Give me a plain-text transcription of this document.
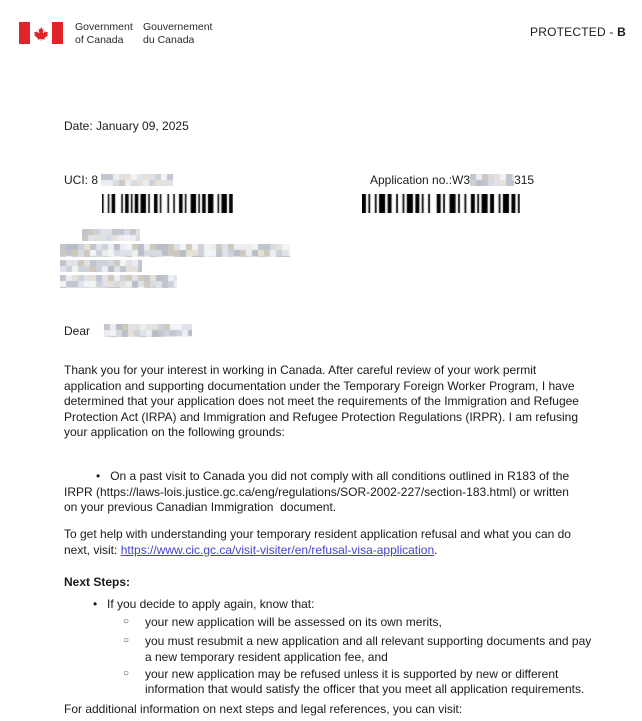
Government
of Canada
Gouvernement
du Canada
PROTECTED - B
Date: January 09, 2025
UCI: 8	Application no.:W3	315
Dear
Thank you for your interest in working in Canada. After careful review of your work permit
application and supporting documentation under the Temporary Foreign Worker Program, I have
determined that your application does not meet the requirements of the Immigration and Refugee
Protection Act (IRPA) and Immigration and Refugee Protection Regulations (IRPR). I am refusing
your application on the following grounds:
•   On a past visit to Canada you did not comply with all conditions outlined in R183 of the
IRPR (https://laws-lois.justice.gc.ca/eng/regulations/SOR-2002-227/section-183.html) or written
on your previous Canadian Immigration  document.
To get help with understanding your temporary resident application refusal and what you can do
next, visit: https://www.cic.gc.ca/visit-visiter/en/refusal-visa-application.
Next Steps:
• If you decide to apply again, know that:
○ your new application will be assessed on its own merits,
○ you must resubmit a new application and all relevant supporting documents and pay
a new temporary resident application fee, and
○ your new application may be refused unless it is supported by new or different
information that would satisfy the officer that you meet all application requirements.
For additional information on next steps and legal references, you can visit:
